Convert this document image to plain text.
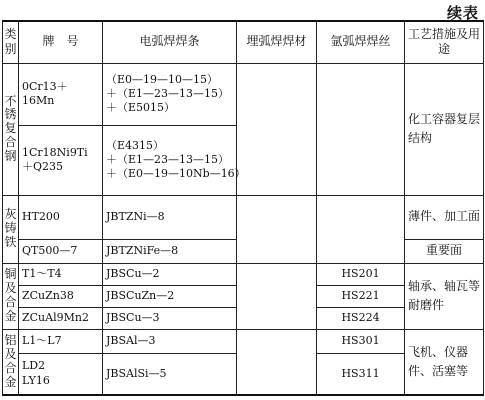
续表
类
别	牌　号	电弧焊焊条	埋弧焊焊材	氩弧焊焊丝	工艺措施及用途

不
锈
复
合
钢	0Cr13＋16Mn	（E0—19—10—15）
＋（E1—23—13—15）
＋（E5015）			化工容器复层结构
	1Cr18Ni9Ti　＋Q235	（E4315）
＋（E1—23—13—15）
＋（E0—19—10Nb—16）			

灰
铸
铁	HT200	JBTZNi—8			薄件、加工面
	QT500—7	JBTZNiFe—8			重要面

铜
及
合
金	T1～T4	JBSCu—2		HS201	轴承、轴瓦等耐磨件
	ZCuZn38	JBSCuZn—2		HS221	
	ZCuAl9Mn2	JBSCu—3		HS224	

铝
及
合
金	L1～L7	JBSAl—3		HS301	飞机、仪器件、活塞等
	LD2
LY16	JBSAlSi—5		HS311	
